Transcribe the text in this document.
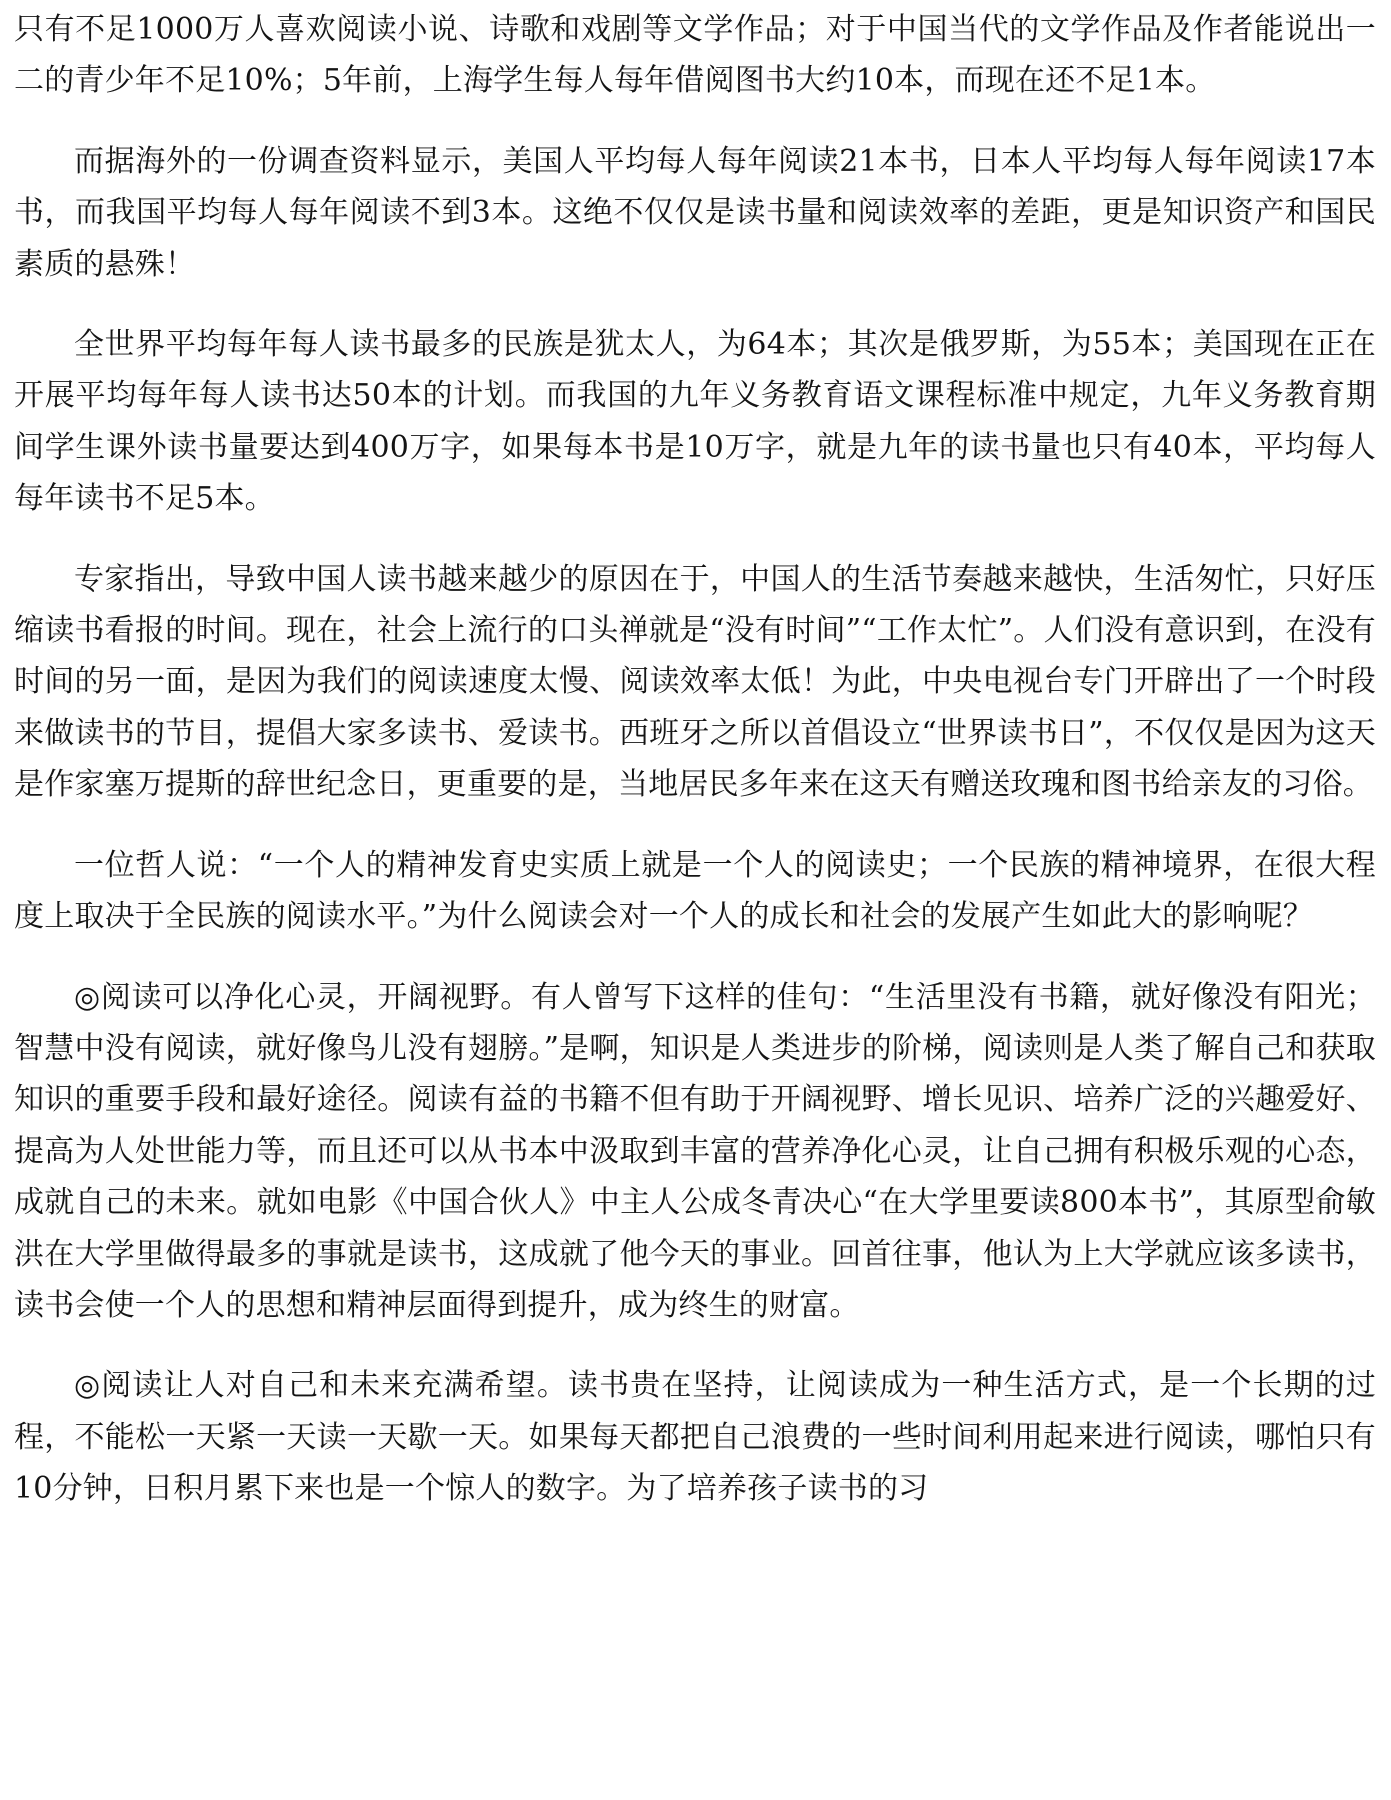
只有不足1000万人喜欢阅读小说、诗歌和戏剧等文学作品；对于中国当代的文学作品及作者能说出一二的青少年不足10%；5年前，上海学生每人每年借阅图书大约10本，而现在还不足1本。

而据海外的一份调查资料显示，美国人平均每人每年阅读21本书，日本人平均每人每年阅读17本书，而我国平均每人每年阅读不到3本。这绝不仅仅是读书量和阅读效率的差距，更是知识资产和国民素质的悬殊！

全世界平均每年每人读书最多的民族是犹太人，为64本；其次是俄罗斯，为55本；美国现在正在开展平均每年每人读书达50本的计划。而我国的九年义务教育语文课程标准中规定，九年义务教育期间学生课外读书量要达到400万字，如果每本书是10万字，就是九年的读书量也只有40本，平均每人每年读书不足5本。

专家指出，导致中国人读书越来越少的原因在于，中国人的生活节奏越来越快，生活匆忙，只好压缩读书看报的时间。现在，社会上流行的口头禅就是“没有时间”“工作太忙”。人们没有意识到，在没有时间的另一面，是因为我们的阅读速度太慢、阅读效率太低！为此，中央电视台专门开辟出了一个时段来做读书的节目，提倡大家多读书、爱读书。西班牙之所以首倡设立“世界读书日”，不仅仅是因为这天是作家塞万提斯的辞世纪念日，更重要的是，当地居民多年来在这天有赠送玫瑰和图书给亲友的习俗。

一位哲人说：“一个人的精神发育史实质上就是一个人的阅读史；一个民族的精神境界，在很大程度上取决于全民族的阅读水平。”为什么阅读会对一个人的成长和社会的发展产生如此大的影响呢？

◎阅读可以净化心灵，开阔视野。有人曾写下这样的佳句：“生活里没有书籍，就好像没有阳光；智慧中没有阅读，就好像鸟儿没有翅膀。”是啊，知识是人类进步的阶梯，阅读则是人类了解自己和获取知识的重要手段和最好途径。阅读有益的书籍不但有助于开阔视野、增长见识、培养广泛的兴趣爱好、提高为人处世能力等，而且还可以从书本中汲取到丰富的营养净化心灵，让自己拥有积极乐观的心态，成就自己的未来。就如电影《中国合伙人》中主人公成冬青决心“在大学里要读800本书”，其原型俞敏洪在大学里做得最多的事就是读书，这成就了他今天的事业。回首往事，他认为上大学就应该多读书，读书会使一个人的思想和精神层面得到提升，成为终生的财富。

◎阅读让人对自己和未来充满希望。读书贵在坚持，让阅读成为一种生活方式，是一个长期的过程，不能松一天紧一天读一天歇一天。如果每天都把自己浪费的一些时间利用起来进行阅读，哪怕只有10分钟，日积月累下来也是一个惊人的数字。为了培养孩子读书的习
